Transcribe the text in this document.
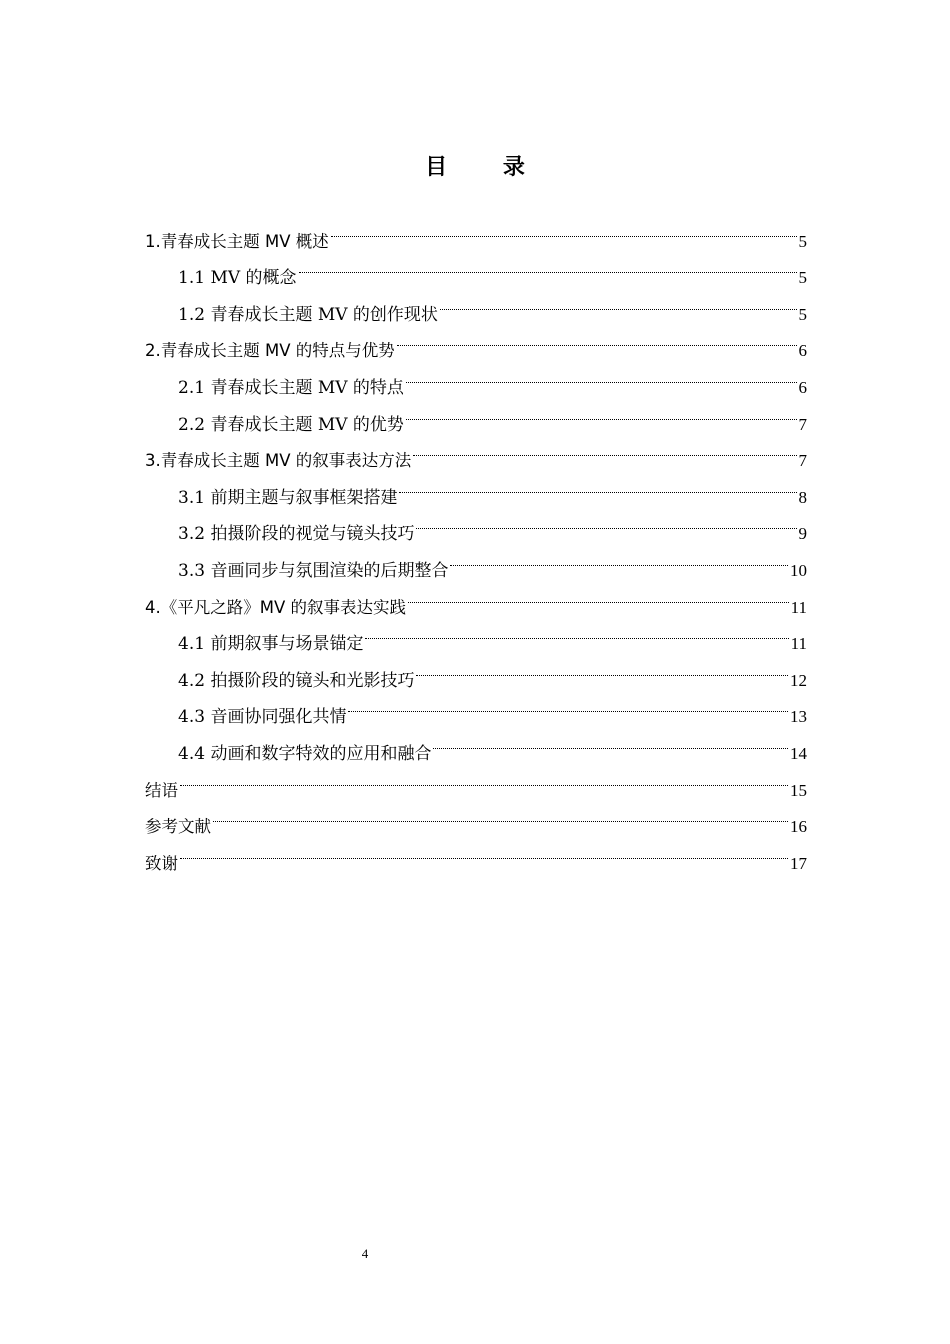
目 录
1.青春成长主题 MV 概述	5
1.1 MV 的概念	5
1.2 青春成长主题 MV 的创作现状	5
2.青春成长主题 MV 的特点与优势	6
2.1 青春成长主题 MV 的特点	6
2.2 青春成长主题 MV 的优势	7
3.青春成长主题 MV 的叙事表达方法	7
3.1 前期主题与叙事框架搭建	8
3.2 拍摄阶段的视觉与镜头技巧	9
3.3 音画同步与氛围渲染的后期整合	10
4.《平凡之路》MV 的叙事表达实践	11
4.1 前期叙事与场景锚定	11
4.2 拍摄阶段的镜头和光影技巧	12
4.3 音画协同强化共情	13
4.4 动画和数字特效的应用和融合	14
结语	15
参考文献	16
致谢	17
4
